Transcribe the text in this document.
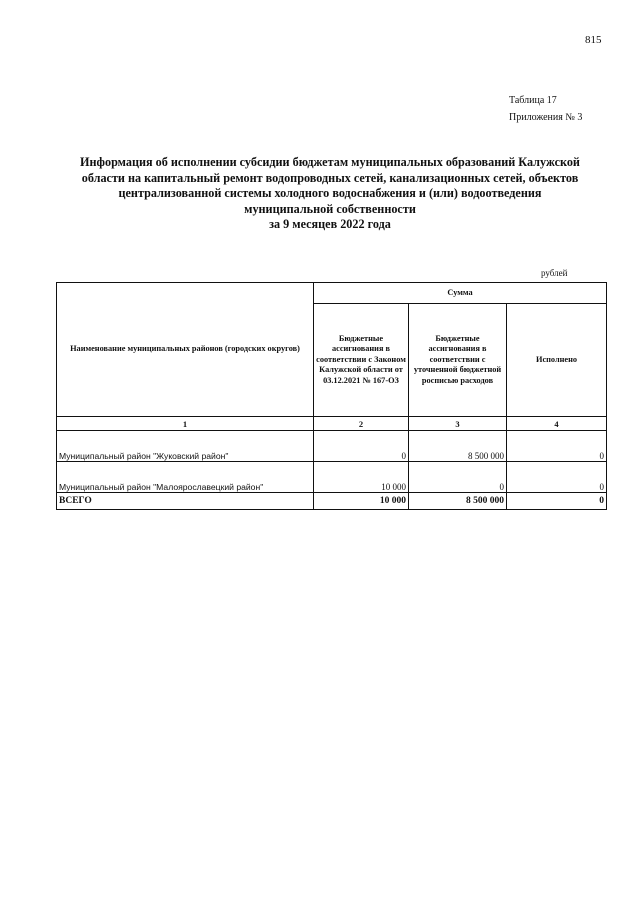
815
Таблица 17
Приложения № 3
Информация об исполнении субсидии бюджетам муниципальных образований Калужской
области на капитальный ремонт водопроводных сетей, канализационных сетей, объектов
централизованной системы холодного водоснабжения и (или) водоотведения
муниципальной собственности
за 9 месяцев 2022 года
рублей
Наименование муниципальных районов (городских округов)	Сумма		
	Бюджетные ассигнования в соответствии с Законом Калужской области от 03.12.2021 № 167-ОЗ	Бюджетные ассигнования в соответствии с уточненной бюджетной росписью расходов	Исполнено
1	2	3	4
Муниципальный район "Жуковский район"	0	8 500 000	0
Муниципальный район "Малоярославецкий район"	10 000	0	0
ВСЕГО	10 000	8 500 000	0
